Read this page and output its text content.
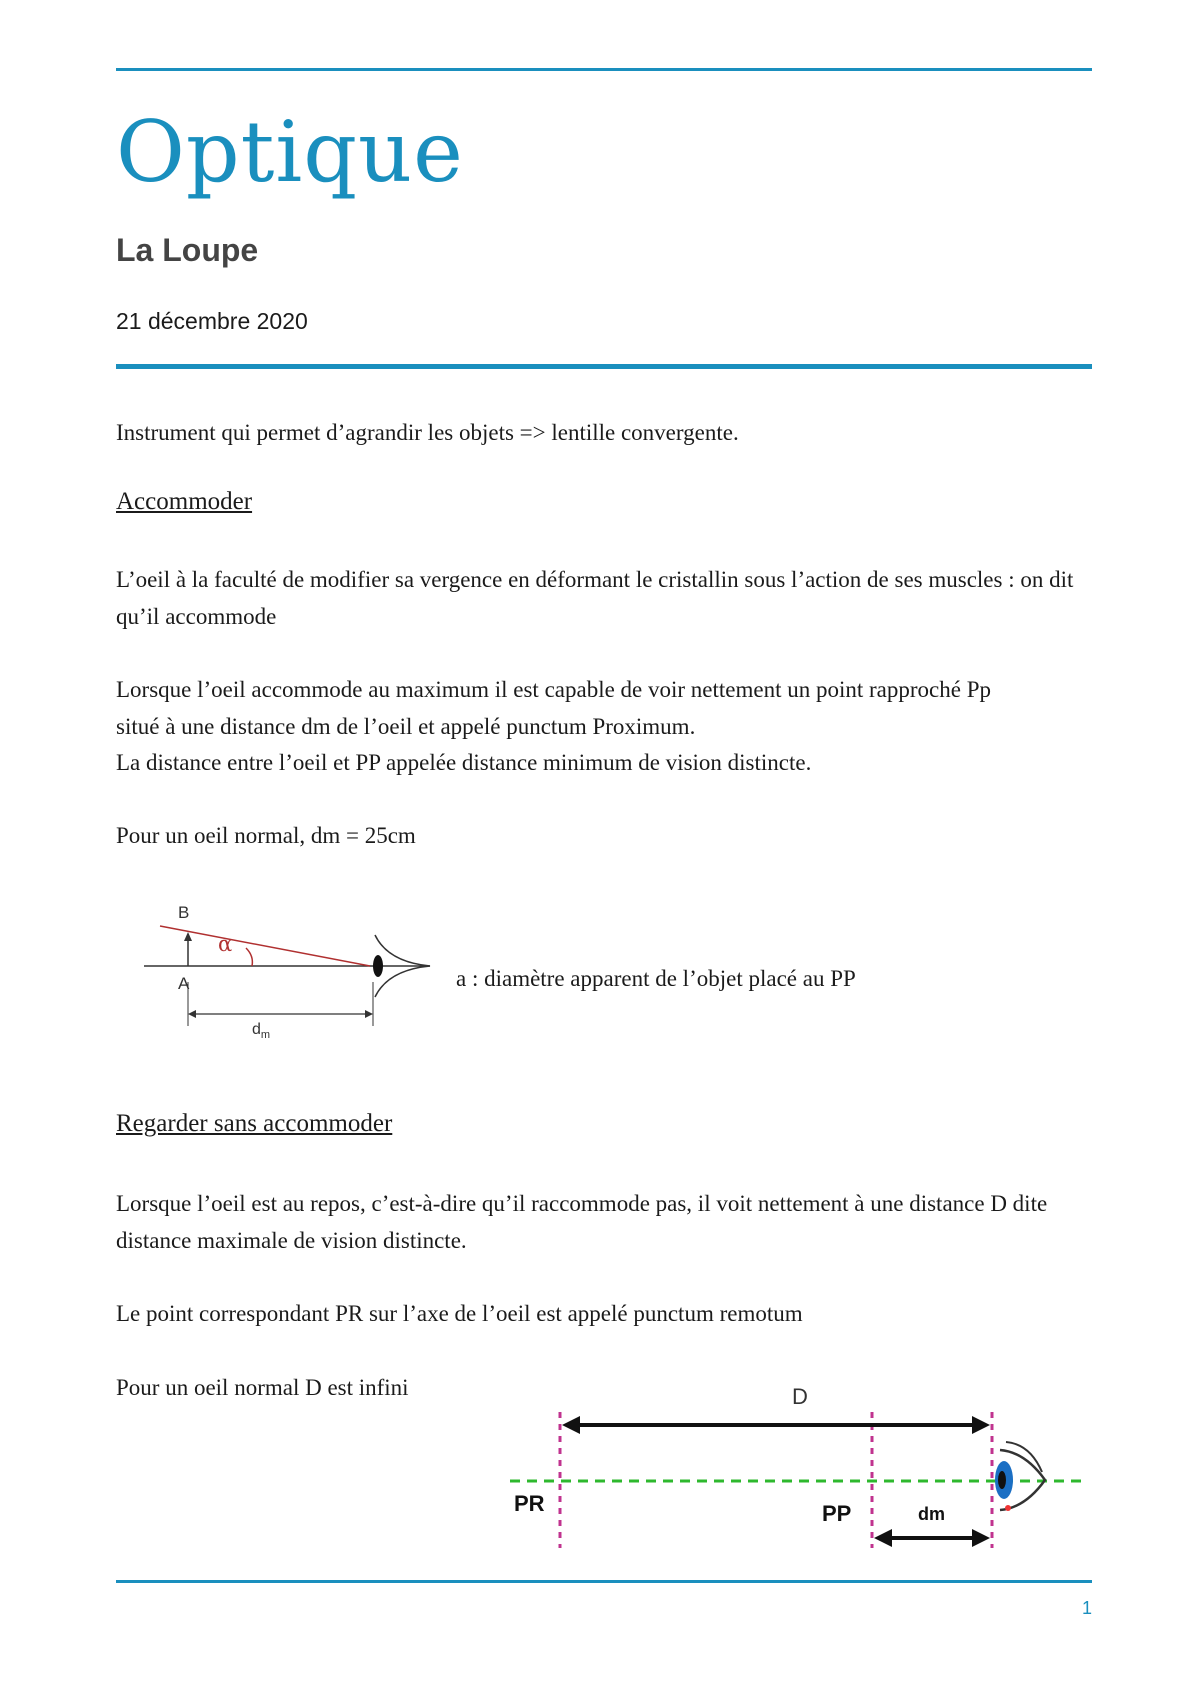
Optique
La Loupe
21 décembre 2020

Instrument qui permet d’agrandir les objets => lentille convergente.

Accommoder

L’oeil à la faculté de modifier sa vergence en déformant le cristallin sous l’action de ses muscles : on dit qu’il accommode

Lorsque l’oeil accommode au maximum il est capable de voir nettement un point rapproché Pp situé à une distance dm de l’oeil et appelé punctum Proximum.

La distance entre l’oeil et PP appelée distance minimum de vision distincte.

Pour un oeil normal, dm = 25cm

B
A
α
$d_m$

a : diamètre apparent de l’objet placé au PP

Regarder sans accommoder

Lorsque l’oeil est au repos, c’est-à-dire qu’il raccommode pas, il voit nettement à une distance D dite distance maximale de vision distincte.

Le point correspondant PR sur l’axe de l’oeil est appelé punctum remotum

Pour un oeil normal D est infini	D
PR	PP	dm
1
